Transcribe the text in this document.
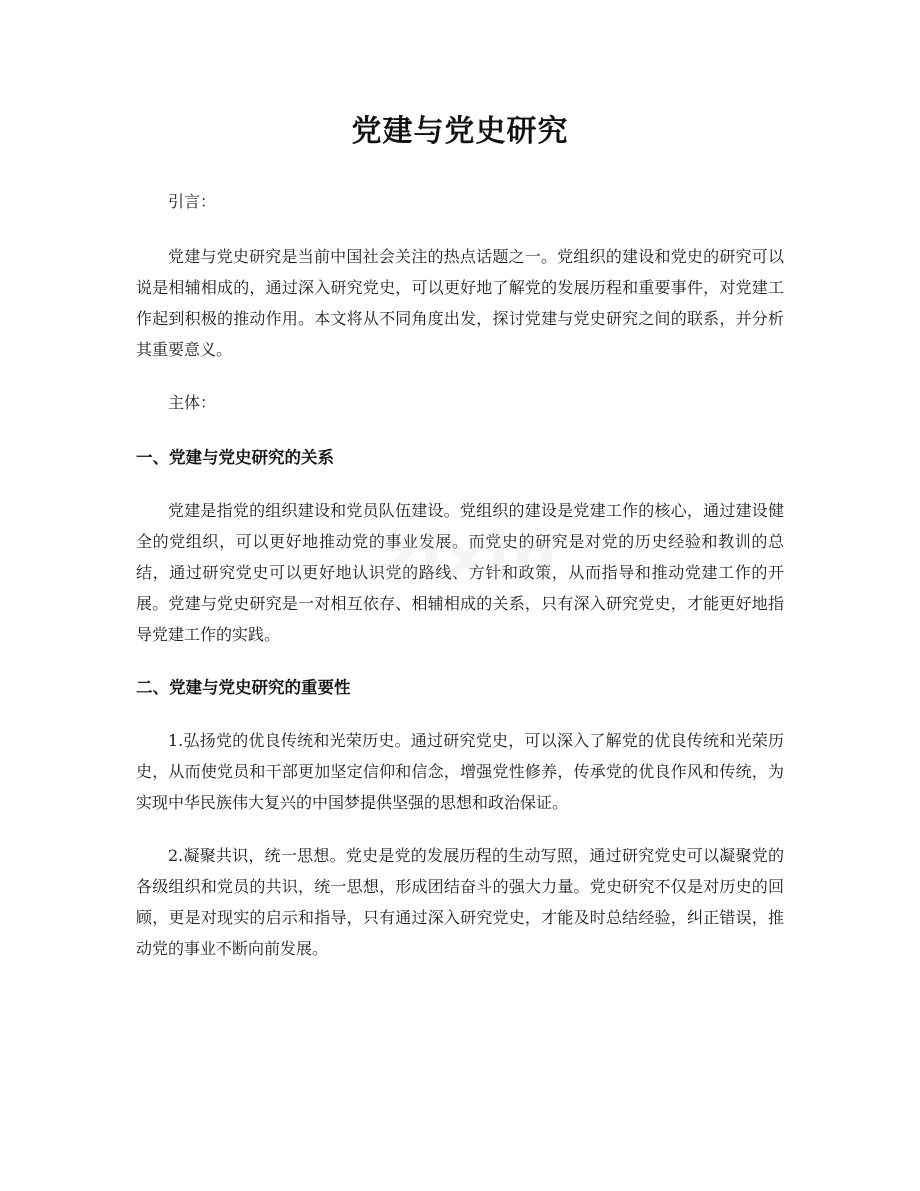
党建与党史研究

引言：

党建与党史研究是当前中国社会关注的热点话题之一。党组织的建设和党史的研究可以说是相辅相成的，通过深入研究党史，可以更好地了解党的发展历程和重要事件，对党建工作起到积极的推动作用。本文将从不同角度出发，探讨党建与党史研究之间的联系，并分析其重要意义。

主体：

一、党建与党史研究的关系

党建是指党的组织建设和党员队伍建设。党组织的建设是党建工作的核心，通过建设健全的党组织，可以更好地推动党的事业发展。而党史的研究是对党的历史经验和教训的总结，通过研究党史可以更好地认识党的路线、方针和政策，从而指导和推动党建工作的开展。党建与党史研究是一对相互依存、相辅相成的关系，只有深入研究党史，才能更好地指导党建工作的实践。

二、党建与党史研究的重要性

1.弘扬党的优良传统和光荣历史。通过研究党史，可以深入了解党的优良传统和光荣历史，从而使党员和干部更加坚定信仰和信念，增强党性修养，传承党的优良作风和传统，为实现中华民族伟大复兴的中国梦提供坚强的思想和政治保证。

2.凝聚共识，统一思想。党史是党的发展历程的生动写照，通过研究党史可以凝聚党的各级组织和党员的共识，统一思想，形成团结奋斗的强大力量。党史研究不仅是对历史的回顾，更是对现实的启示和指导，只有通过深入研究党史，才能及时总结经验，纠正错误，推动党的事业不断向前发展。

zixin
